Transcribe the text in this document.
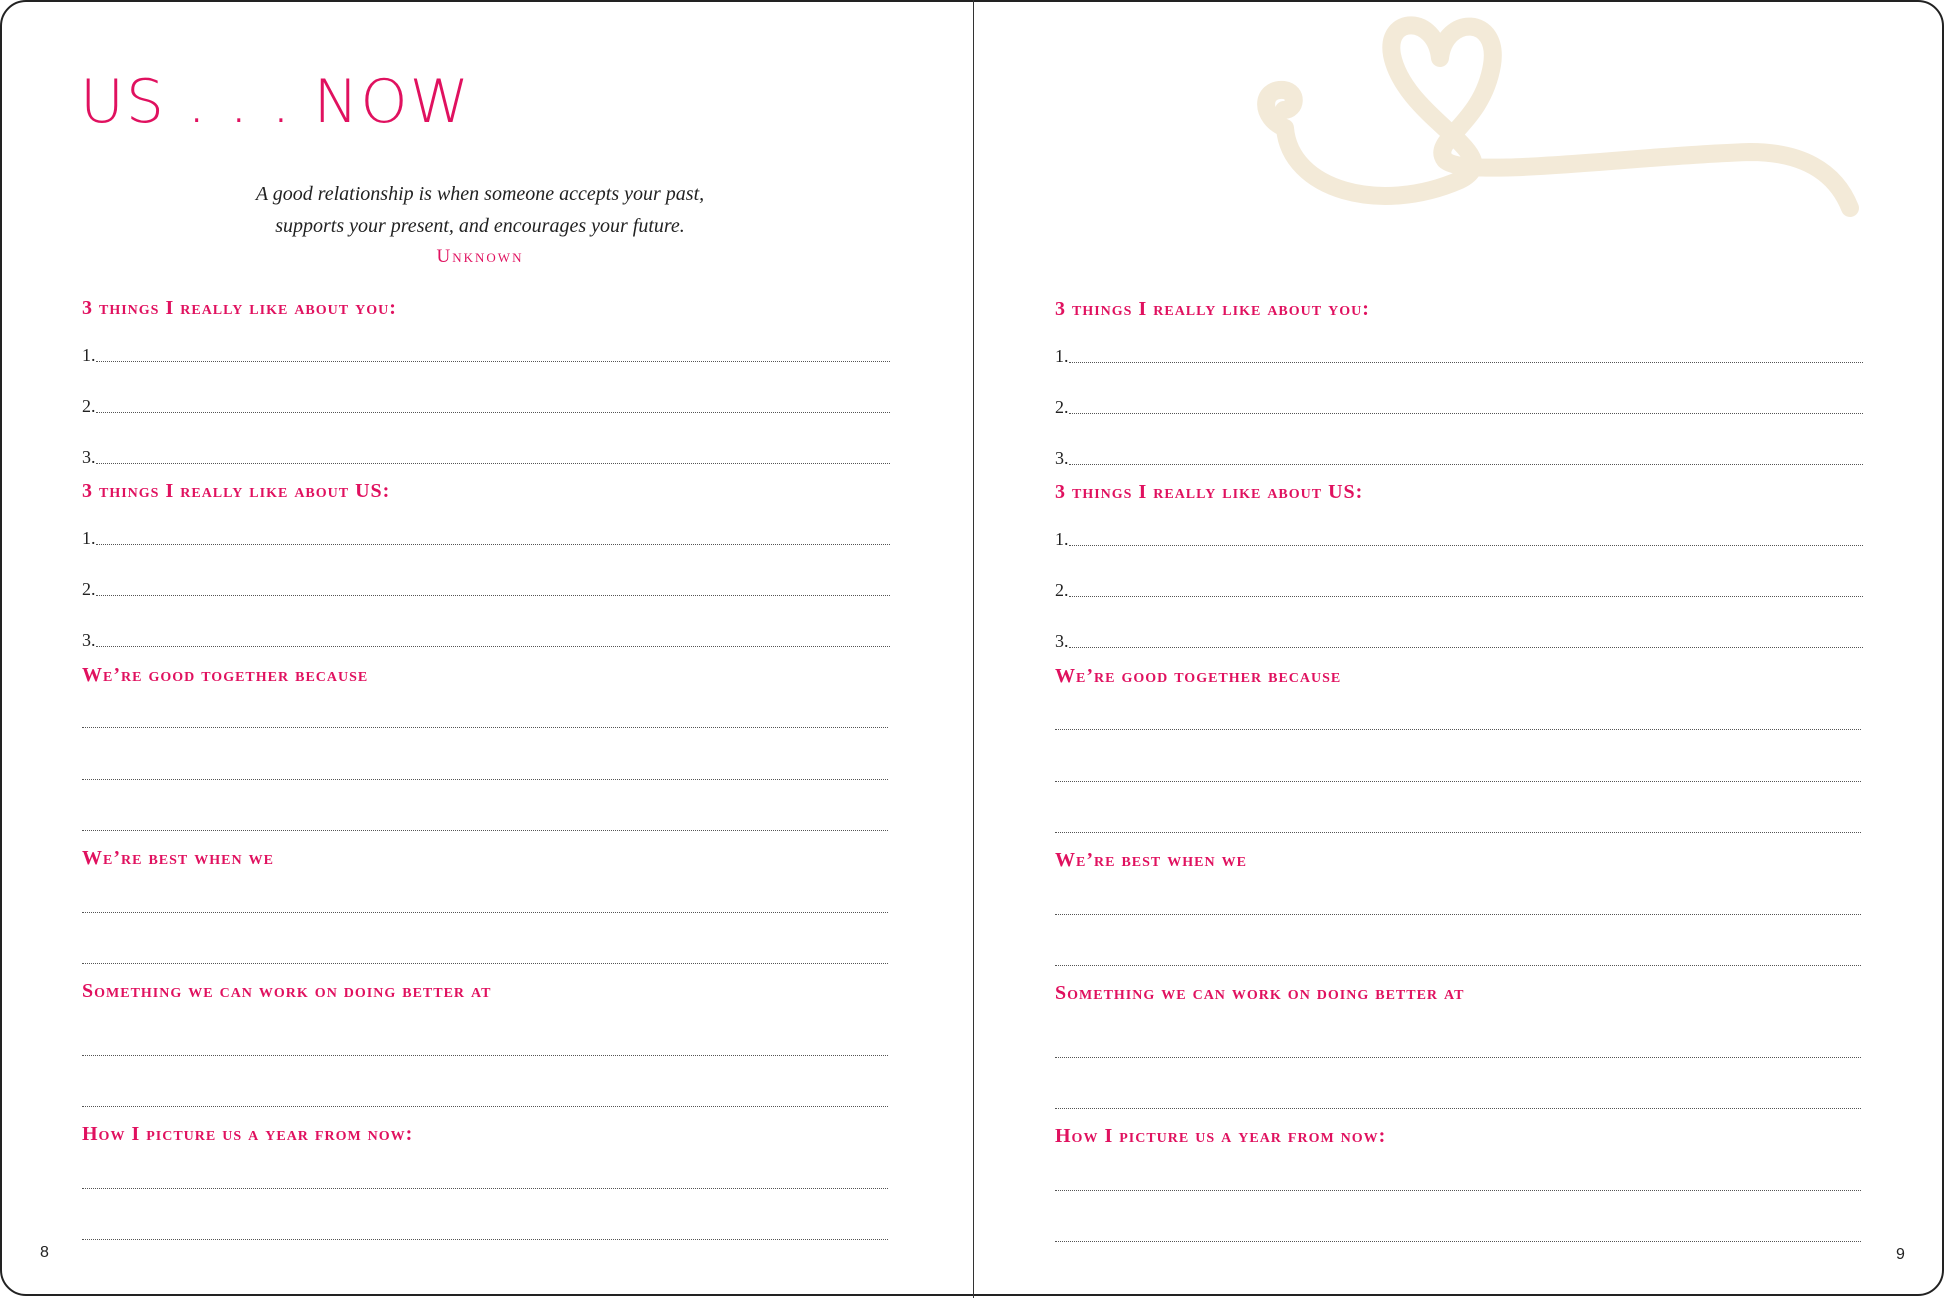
US . . . NOW
A good relationship is when someone accepts your past,
supports your present, and encourages your future.
Unknown
3 things I really like about you:
1.
2.
3.
3 things I really like about US:
1.
2.
3.
We’re good together because
We’re best when we
Something we can work on doing better at
How I picture us a year from now:
8
3 things I really like about you:
1.
2.
3.
3 things I really like about US:
1.
2.
3.
We’re good together because
We’re best when we
Something we can work on doing better at
How I picture us a year from now:
9
